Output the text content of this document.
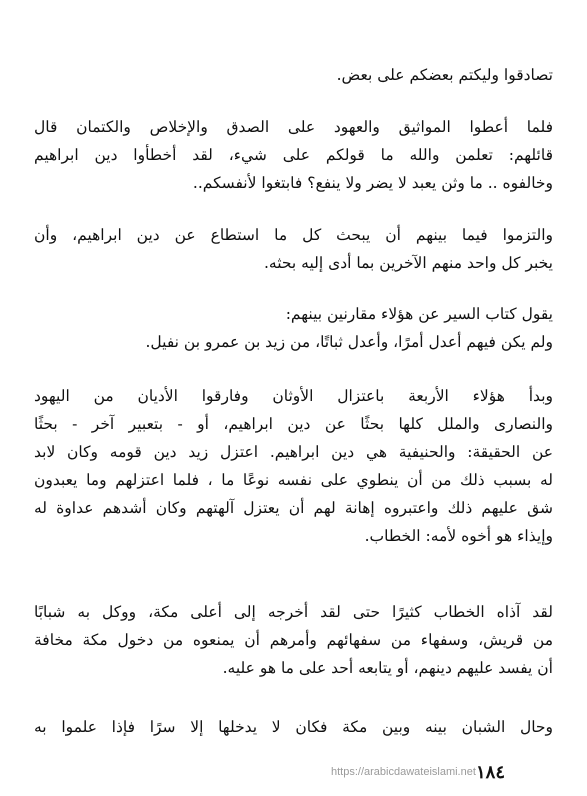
تصادقوا وليكتم بعضكم على بعض.

فلما أعطوا المواثيق والعهود على الصدق والإخلاص والكتمان قال
قائلهم: تعلمن والله ما قولكم على شيء، لقد أخطأوا دين ابراهيم
وخالفوه .. ما وثن يعبد لا يضر ولا ينفع؟ فابتغوا لأنفسكم..

والتزموا فيما بينهم أن يبحث كل ما استطاع عن دين ابراهيم، وأن
يخبر كل واحد منهم الآخرين بما أدى إليه بحثه.

يقول كتاب السير عن هؤلاء مقارنين بينهم:
ولم يكن فيهم أعدل أمرًا، وأعدل ثباتًا، من زيد بن عمرو بن نفيل.

وبدأ هؤلاء الأربعة باعتزال الأوثان وفارقوا الأديان من اليهود
والنصارى والملل كلها بحثًا عن دين ابراهيم، أو - بتعبير آخر - بحثًا
عن الحقيقة: والحنيفية هي دين ابراهيم. اعتزل زيد دين قومه وكان لابد
له بسبب ذلك من أن ينطوي على نفسه نوعًا ما ، فلما اعتزلهم وما يعبدون
شق عليهم ذلك واعتبروه إهانة لهم أن يعتزل آلهتهم وكان أشدهم عداوة له
وإيذاء هو أخوه لأمه: الخطاب.

لقد آذاه الخطاب كثيرًا حتى لقد أخرجه إلى أعلى مكة، ووكل به شبابًا
من قريش، وسفهاء من سفهائهم وأمرهم أن يمنعوه من دخول مكة مخافة
أن يفسد عليهم دينهم، أو يتابعه أحد على ما هو عليه.

وحال الشبان بينه وبين مكة فكان لا يدخلها إلا سرًا فإذا علموا به

https://arabicdawateislami.net ١٨٤
